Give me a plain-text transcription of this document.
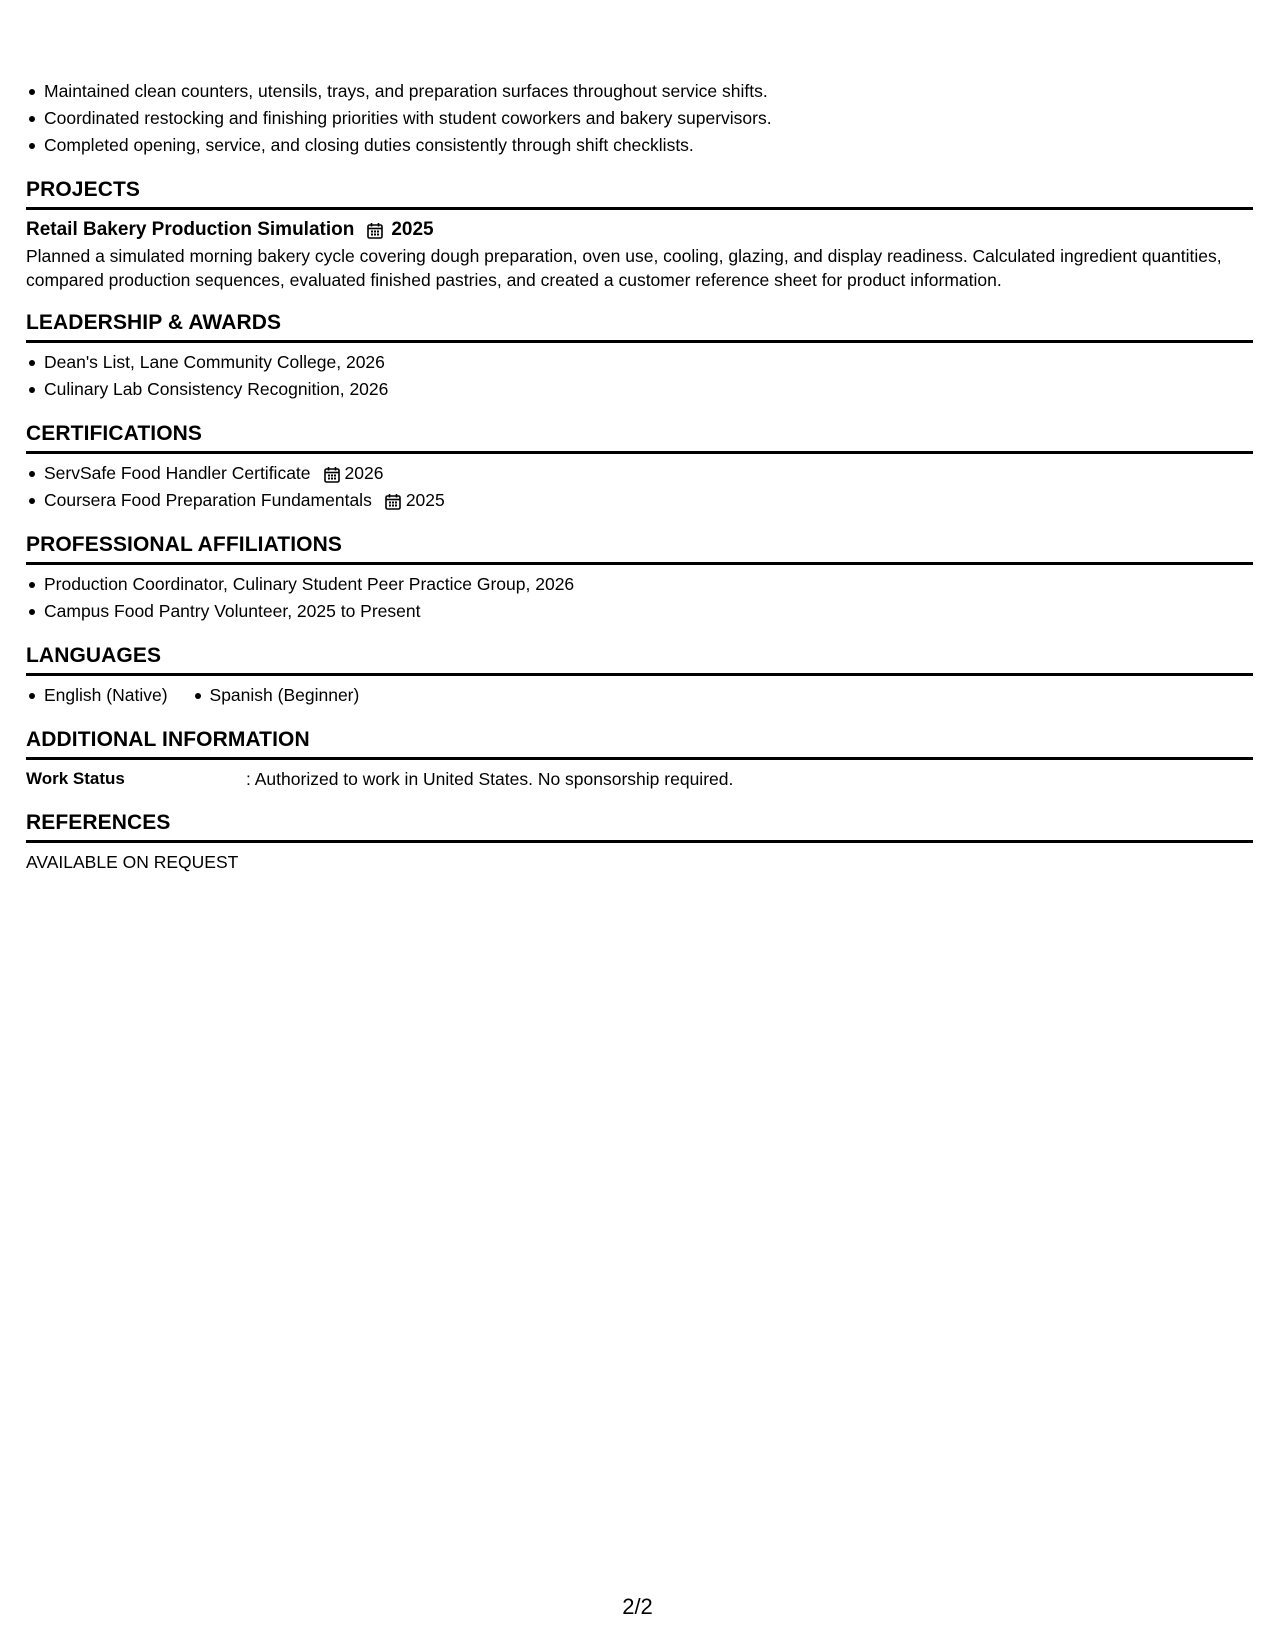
Maintained clean counters, utensils, trays, and preparation surfaces throughout service shifts.
Coordinated restocking and finishing priorities with student coworkers and bakery supervisors.
Completed opening, service, and closing duties consistently through shift checklists.
PROJECTS
Retail Bakery Production Simulation 2025

Planned a simulated morning bakery cycle covering dough preparation, oven use, cooling, glazing, and display readiness. Calculated ingredient quantities, compared production sequences, evaluated finished pastries, and created a customer reference sheet for product information.

LEADERSHIP & AWARDS
Dean's List, Lane Community College, 2026
Culinary Lab Consistency Recognition, 2026
CERTIFICATIONS
ServSafe Food Handler Certificate 2026
Coursera Food Preparation Fundamentals 2025
PROFESSIONAL AFFILIATIONS
Production Coordinator, Culinary Student Peer Practice Group, 2026
Campus Food Pantry Volunteer, 2025 to Present
LANGUAGES
English (Native)	Spanish (Beginner)
ADDITIONAL INFORMATION
Work Status	: Authorized to work in United States. No sponsorship required.
REFERENCES

AVAILABLE ON REQUEST

2/2
